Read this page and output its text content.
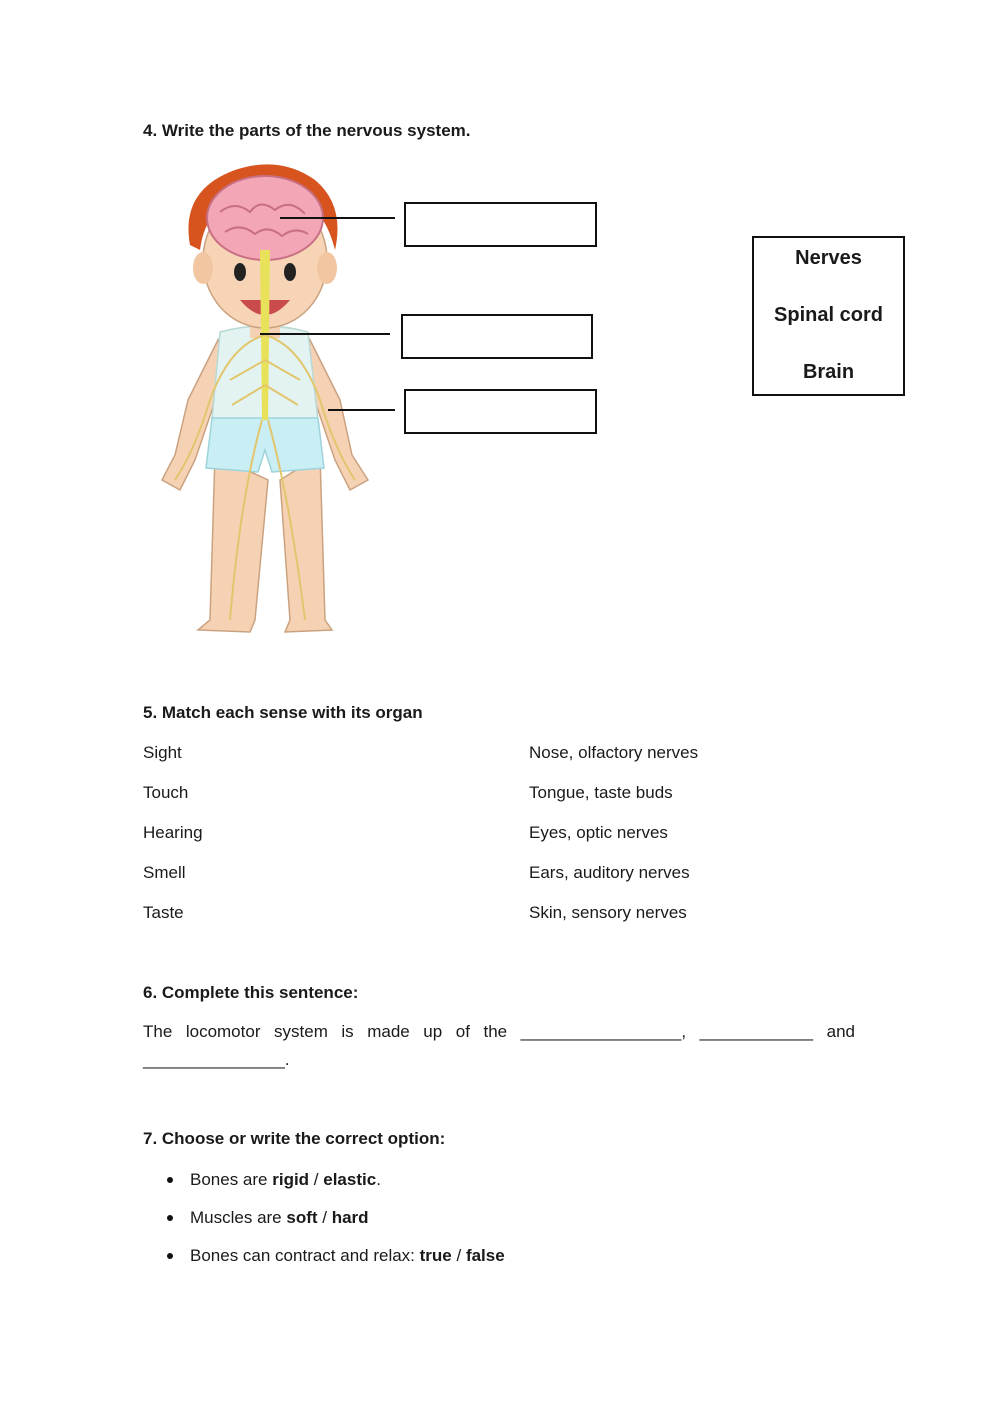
4. Write the parts of the nervous system.
Nerves
Spinal cord
Brain
5. Match each sense with its organ
Sight
Touch
Hearing
Smell
Taste
Nose, olfactory nerves
Tongue, taste buds
Eyes, optic nerves
Ears, auditory nerves
Skin, sensory nerves
6. Complete this sentence:
The locomotor system is made up of the _________________, ____________ and
_______________.
7. Choose or write the correct option:
Bones are rigid / elastic.
Muscles are soft / hard
Bones can contract and relax: true / false
